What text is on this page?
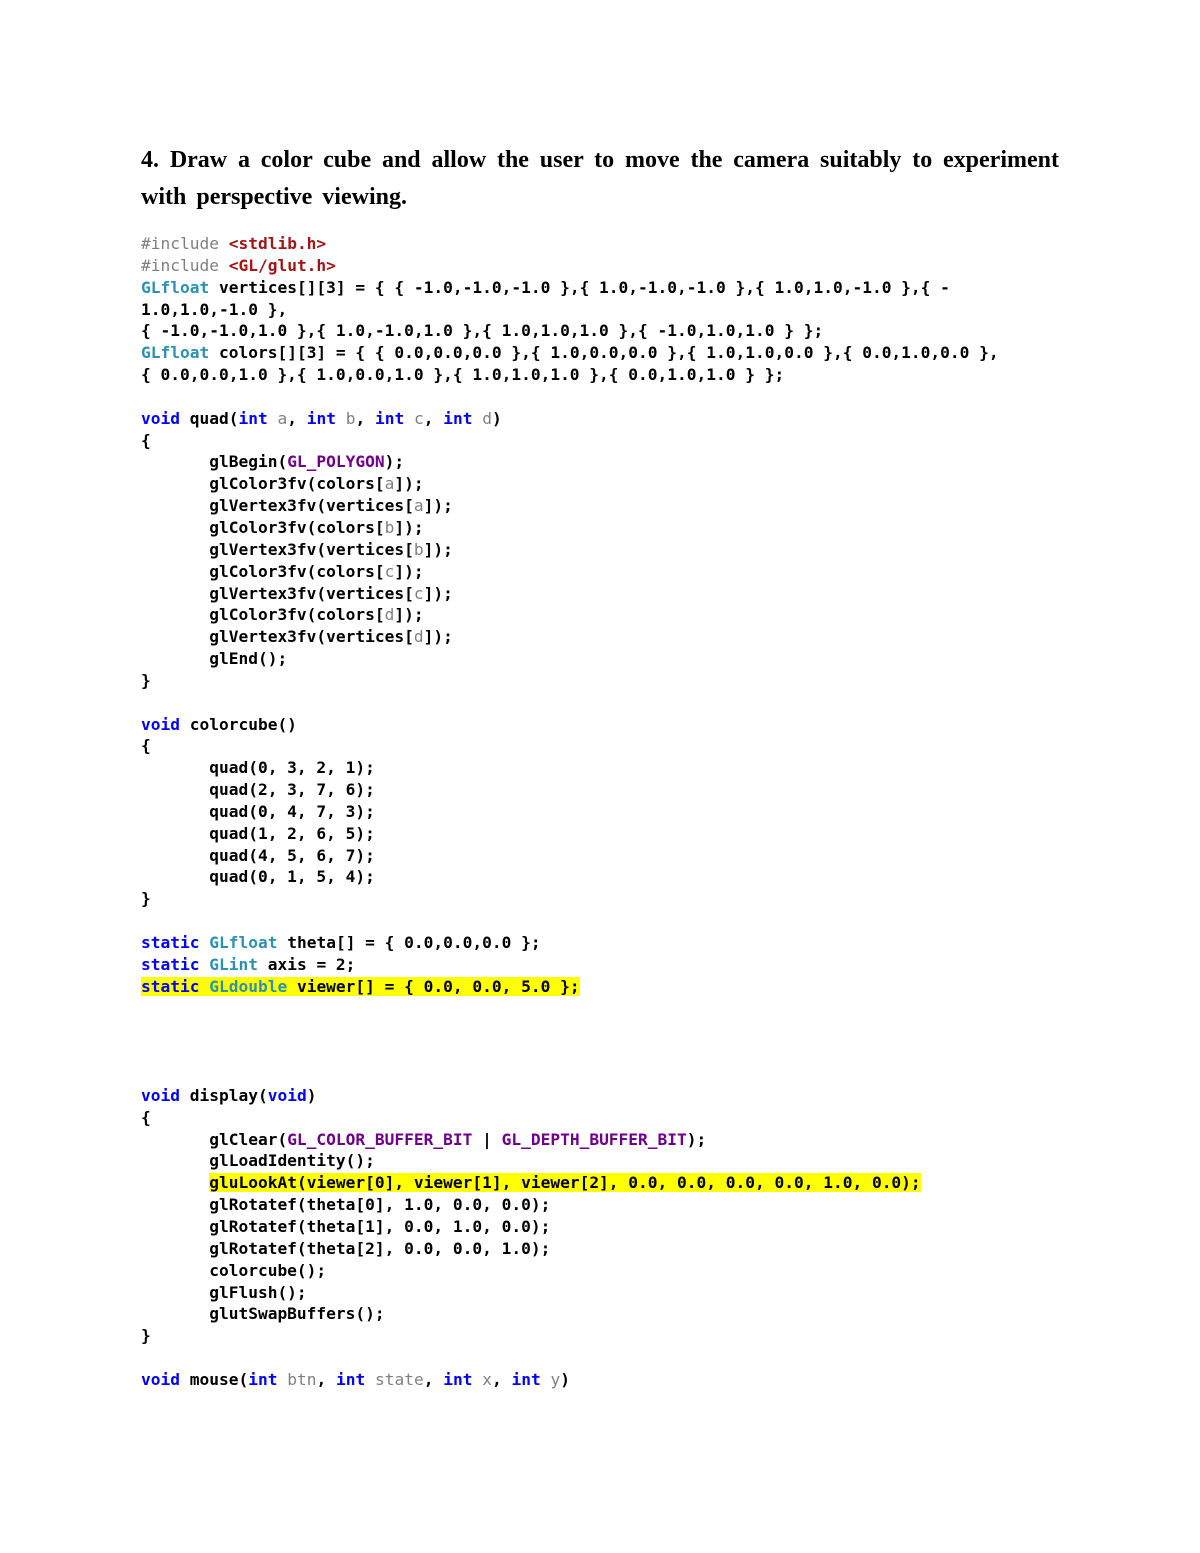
4. Draw a color cube and allow the user to move the camera suitably to experiment with perspective viewing.
#include <stdlib.h>
#include <GL/glut.h>
GLfloat vertices[][3] = { { -1.0,-1.0,-1.0 },{ 1.0,-1.0,-1.0 },{ 1.0,1.0,-1.0 },{ -
1.0,1.0,-1.0 },
{ -1.0,-1.0,1.0 },{ 1.0,-1.0,1.0 },{ 1.0,1.0,1.0 },{ -1.0,1.0,1.0 } };
GLfloat colors[][3] = { { 0.0,0.0,0.0 },{ 1.0,0.0,0.0 },{ 1.0,1.0,0.0 },{ 0.0,1.0,0.0 },
{ 0.0,0.0,1.0 },{ 1.0,0.0,1.0 },{ 1.0,1.0,1.0 },{ 0.0,1.0,1.0 } };

void quad(int a, int b, int c, int d)
{
glBegin(GL_POLYGON);
glColor3fv(colors[a]);
glVertex3fv(vertices[a]);
glColor3fv(colors[b]);
glVertex3fv(vertices[b]);
glColor3fv(colors[c]);
glVertex3fv(vertices[c]);
glColor3fv(colors[d]);
glVertex3fv(vertices[d]);
glEnd();
}

void colorcube()
{
quad(0, 3, 2, 1);
quad(2, 3, 7, 6);
quad(0, 4, 7, 3);
quad(1, 2, 6, 5);
quad(4, 5, 6, 7);
quad(0, 1, 5, 4);
}

static GLfloat theta[] = { 0.0,0.0,0.0 };
static GLint axis = 2;
static GLdouble viewer[] = { 0.0, 0.0, 5.0 };

void display(void)
{
glClear(GL_COLOR_BUFFER_BIT | GL_DEPTH_BUFFER_BIT);
glLoadIdentity();
gluLookAt(viewer[0], viewer[1], viewer[2], 0.0, 0.0, 0.0, 0.0, 1.0, 0.0);
glRotatef(theta[0], 1.0, 0.0, 0.0);
glRotatef(theta[1], 0.0, 1.0, 0.0);
glRotatef(theta[2], 0.0, 0.0, 1.0);
colorcube();
glFlush();
glutSwapBuffers();
}

void mouse(int btn, int state, int x, int y)
